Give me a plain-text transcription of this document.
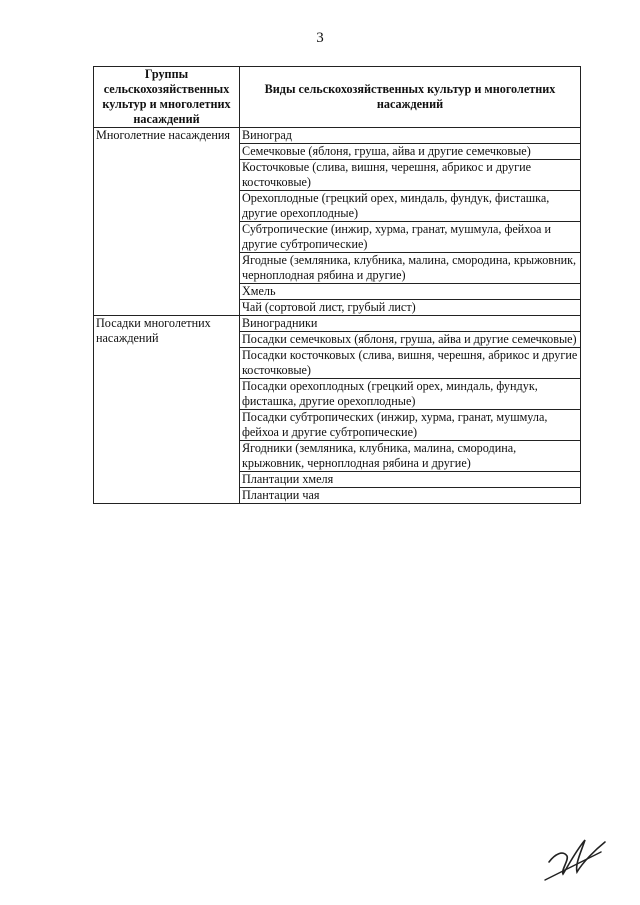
3
Группы сельскохозяйственных культур и многолетних насаждений	Виды сельскохозяйственных культур и многолетних насаждений
Многолетние насаждения	Виноград
	Семечковые (яблоня, груша, айва и другие семечковые)
	Косточковые (слива, вишня, черешня, абрикос и другие косточковые)
	Орехоплодные (грецкий орех, миндаль, фундук, фисташка, другие орехоплодные)
	Субтропические (инжир, хурма, гранат, мушмула, фейхоа и другие субтропические)
	Ягодные (земляника, клубника, малина, смородина, крыжовник, черноплодная рябина и другие)
	Хмель
	Чай (сортовой лист, грубый лист)
Посадки многолетних насаждений	Виноградники
	Посадки семечковых (яблоня, груша, айва и другие семечковые)
	Посадки косточковых (слива, вишня, черешня, абрикос и другие косточковые)
	Посадки орехоплодных (грецкий орех, миндаль, фундук, фисташка, другие орехоплодные)
	Посадки субтропических (инжир, хурма, гранат, мушмула, фейхоа и другие субтропические)
	Ягодники (земляника, клубника, малина, смородина, крыжовник, черноплодная рябина и другие)
	Плантации хмеля
	Плантации чая
